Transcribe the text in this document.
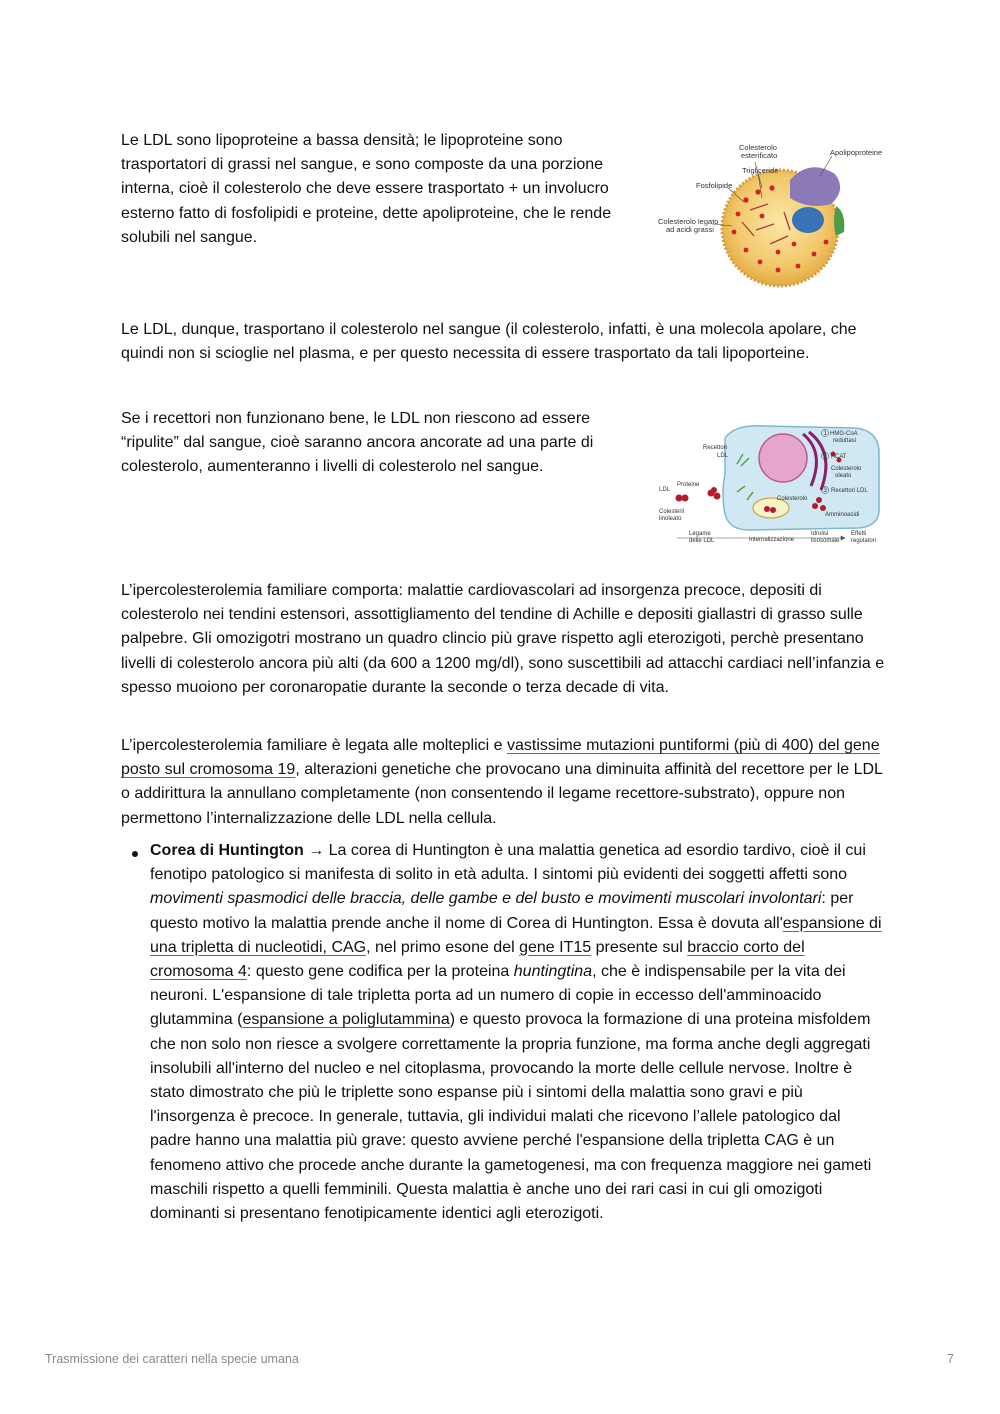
Le LDL sono lipoproteine a bassa densità; le lipoproteine sono trasportatori di grassi nel sangue, e sono composte da una porzione interna, cioè il colesterolo che deve essere trasportato + un involucro esterno fatto di fosfolipidi e proteine, dette apoliproteine, che le rende solubili nel sangue.

Colesterolo
esterificato	Apolipoproteine
Trigliceride
Fosfolipide
Colesterolo legato
ad acidi grassi

Le LDL, dunque, trasportano il colesterolo nel sangue (il colesterolo, infatti, è una molecola apolare, che quindi non si scioglie nel plasma, e per questo necessita di essere trasportato da tali lipoporteine.

Se i recettori non funzionano bene, le LDL non riescono ad essere “ripulite” dal sangue, cioè saranno ancora ancorate ad una parte di colesterolo, aumenteranno i livelli di colesterolo nel sangue.

Recettori
LDL
LDL
Proteine
Colesteril
linoleato
Colesterolo
1 HMG-CoA
reduttasi
2 ACAT
Colesterolo
oleato
3 Recettori LDL
Amminoacidi
Legame
delle LDL	Internalizzazione
Idrolisi
lisosomale
Effetti
regolatori

L’ipercolesterolemia familiare comporta: malattie cardiovascolari ad insorgenza precoce, depositi di colesterolo nei tendini estensori, assottigliamento del tendine di Achille e depositi giallastri di grasso sulle palpebre. Gli omozigotri mostrano un quadro clincio più grave rispetto agli eterozigoti, perchè presentano livelli di colesterolo ancora più alti (da 600 a 1200 mg/dl), sono suscettibili ad attacchi cardiaci nell’infanzia e spesso muoiono per coronaropatie durante la seconde o terza decade di vita.

L’ipercolesterolemia familiare è legata alle molteplici e vastissime mutazioni puntiformi (più di 400) del gene posto sul cromosoma 19, alterazioni genetiche che provocano una diminuita affinità del recettore per le LDL o addirittura la annullano completamente (non consentendo il legame recettore-substrato), oppure non permettono l’internalizzazione delle LDL nella cellula.

Corea di Huntington → La corea di Huntington è una malattia genetica ad esordio tardivo, cioè il cui fenotipo patologico si manifesta di solito in età adulta. I sintomi più evidenti dei soggetti affetti sono movimenti spasmodici delle braccia, delle gambe e del busto e movimenti muscolari involontari: per questo motivo la malattia prende anche il nome di Corea di Huntington. Essa è dovuta all'espansione di una tripletta di nucleotidi, CAG, nel primo esone del gene IT15 presente sul braccio corto del cromosoma 4: questo gene codifica per la proteina huntingtina, che è indispensabile per la vita dei neuroni. L'espansione di tale tripletta porta ad un numero di copie in eccesso dell'amminoacido glutammina (espansione a poliglutammina) e questo provoca la formazione di una proteina misfoldem che non solo non riesce a svolgere correttamente la propria funzione, ma forma anche degli aggregati insolubili all'interno del nucleo e nel citoplasma, provocando la morte delle cellule nervose. Inoltre è stato dimostrato che più le triplette sono espanse più i sintomi della malattia sono gravi e più l'insorgenza è precoce. In generale, tuttavia, gli individui malati che ricevono l’allele patologico dal padre hanno una malattia più grave: questo avviene perché l'espansione della tripletta CAG è un fenomeno attivo che procede anche durante la gametogenesi, ma con frequenza maggiore nei gameti maschili rispetto a quelli femminili. Questa malattia è anche uno dei rari casi in cui gli omozigoti dominanti si presentano fenotipicamente identici agli eterozigoti.

Trasmissione dei caratteri nella specie umana	7
